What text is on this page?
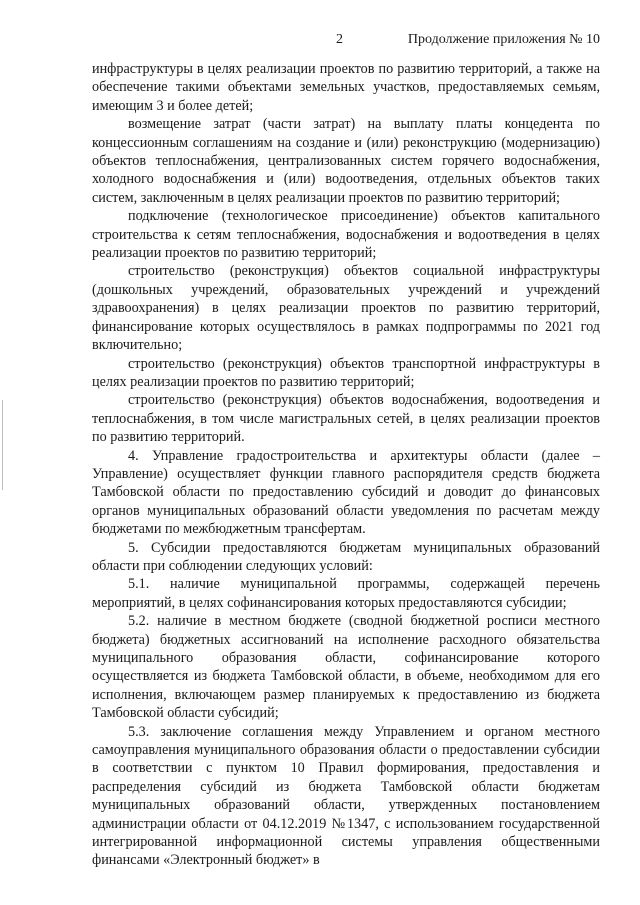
2	Продолжение приложения № 10

инфраструктуры в целях реализации проектов по развитию территорий, а также на обеспечение такими объектами земельных участков, предоставляемых семьям, имеющим 3 и более детей;

возмещение затрат (части затрат) на выплату платы концедента по концессионным соглашениям на создание и (или) реконструкцию (модернизацию) объектов теплоснабжения, централизованных систем горячего водоснабжения, холодного водоснабжения и (или) водоотведения, отдельных объектов таких систем, заключенным в целях реализации проектов по развитию территорий;

подключение (технологическое присоединение) объектов капитального строительства к сетям теплоснабжения, водоснабжения и водоотведения в целях реализации проектов по развитию территорий;

строительство (реконструкция) объектов социальной инфраструктуры (дошкольных учреждений, образовательных учреждений и учреждений здравоохранения) в целях реализации проектов по развитию территорий, финансирование которых осуществлялось в рамках подпрограммы по 2021 год включительно;

строительство (реконструкция) объектов транспортной инфраструктуры в целях реализации проектов по развитию территорий;

строительство (реконструкция) объектов водоснабжения, водоотведения и теплоснабжения, в том числе магистральных сетей, в целях реализации проектов по развитию территорий.

4. Управление градостроительства и архитектуры области (далее – Управление) осуществляет функции главного распорядителя средств бюджета Тамбовской области по предоставлению субсидий и доводит до финансовых органов муниципальных образований области уведомления по расчетам между бюджетами по межбюджетным трансфертам.

5. Субсидии предоставляются бюджетам муниципальных образований области при соблюдении следующих условий:

5.1. наличие муниципальной программы, содержащей перечень мероприятий, в целях софинансирования которых предоставляются субсидии;

5.2. наличие в местном бюджете (сводной бюджетной росписи местного бюджета) бюджетных ассигнований на исполнение расходного обязательства муниципального образования области, софинансирование которого осуществляется из бюджета Тамбовской области, в объеме, необходимом для его исполнения, включающем размер планируемых к предоставлению из бюджета Тамбовской области субсидий;

5.3. заключение соглашения между Управлением и органом местного самоуправления муниципального образования области о предоставлении субсидии в соответствии с пунктом 10 Правил формирования, предоставления и распределения субсидий из бюджета Тамбовской области бюджетам муниципальных образований области, утвержденных постановлением администрации области от 04.12.2019 №1347, с использованием государственной интегрированной информационной системы управления общественными финансами «Электронный бюджет» в
